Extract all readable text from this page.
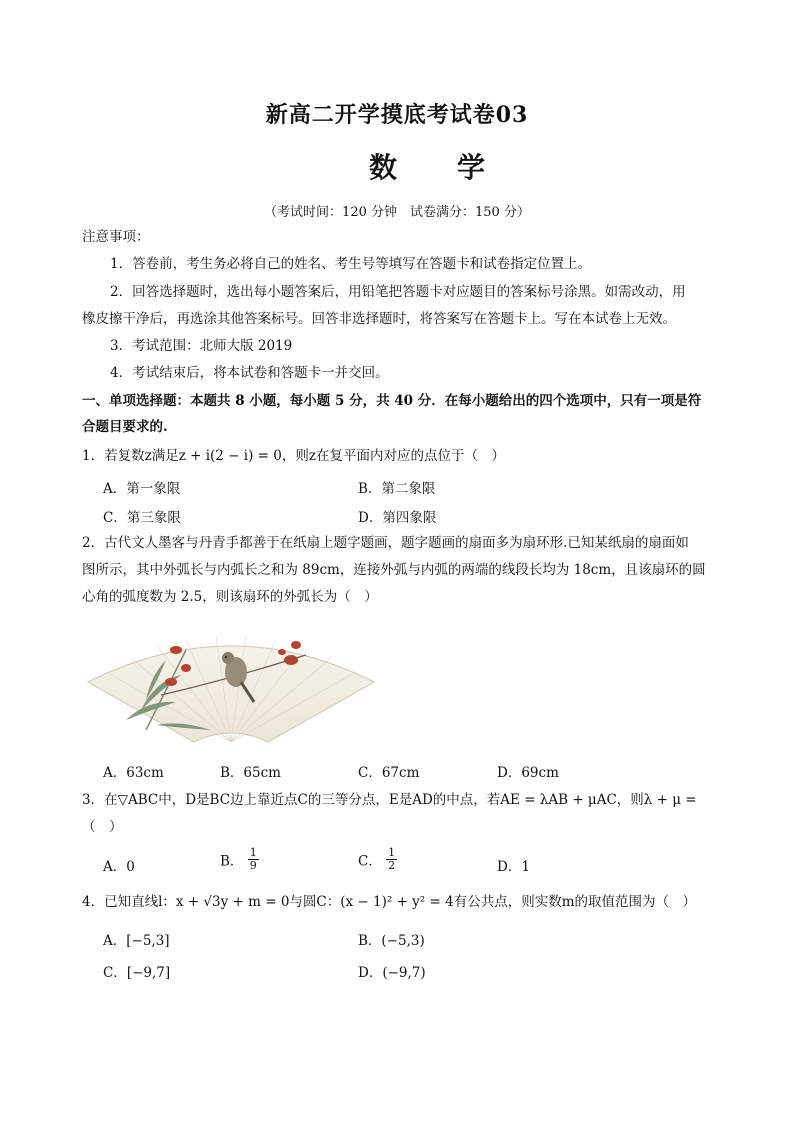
新高二开学摸底考试卷03
数学
（考试时间：120 分钟　试卷满分：150 分）
注意事项：
1．答卷前，考生务必将自己的姓名、考生号等填写在答题卡和试卷指定位置上。
2．回答选择题时，选出每小题答案后，用铅笔把答题卡对应题目的答案标号涂黑。如需改动，用
橡皮擦干净后，再选涂其他答案标号。回答非选择题时，将答案写在答题卡上。写在本试卷上无效。
3．考试范围：北师大版 2019
4．考试结束后，将本试卷和答题卡一并交回。
一、单项选择题：本题共 8 小题，每小题 5 分，共 40 分．在每小题给出的四个选项中，只有一项是符
合题目要求的.
1．若复数z满足z + i(2 − i) = 0，则z在复平面内对应的点位于（　）
A．第一象限	B．第二象限
C．第三象限	D．第四象限
2．古代文人墨客与丹青手都善于在纸扇上题字题画，题字题画的扇面多为扇环形.已知某纸扇的扇面如
图所示，其中外弧长与内弧长之和为 89cm，连接外弧与内弧的两端的线段长均为 18cm，且该扇环的圆
心角的弧度数为 2.5，则该扇环的外弧长为（　）
A．63cm	B．65cm	C．67cm	D．69cm
3．在▽ABC中，D是BC边上靠近点C的三等分点，E是AD的中点，若AE = λAB + μAC，则λ + μ =
（　）
A．0	B． $\frac{1}{9}$	C． $\frac{1}{2}$	D．1
4．已知直线l：x + √3y + m = 0与圆C：(x − 1)² + y² = 4有公共点，则实数m的取值范围为（　）
A．[−5,3]	B．(−5,3)
C．[−9,7]	D．(−9,7)
